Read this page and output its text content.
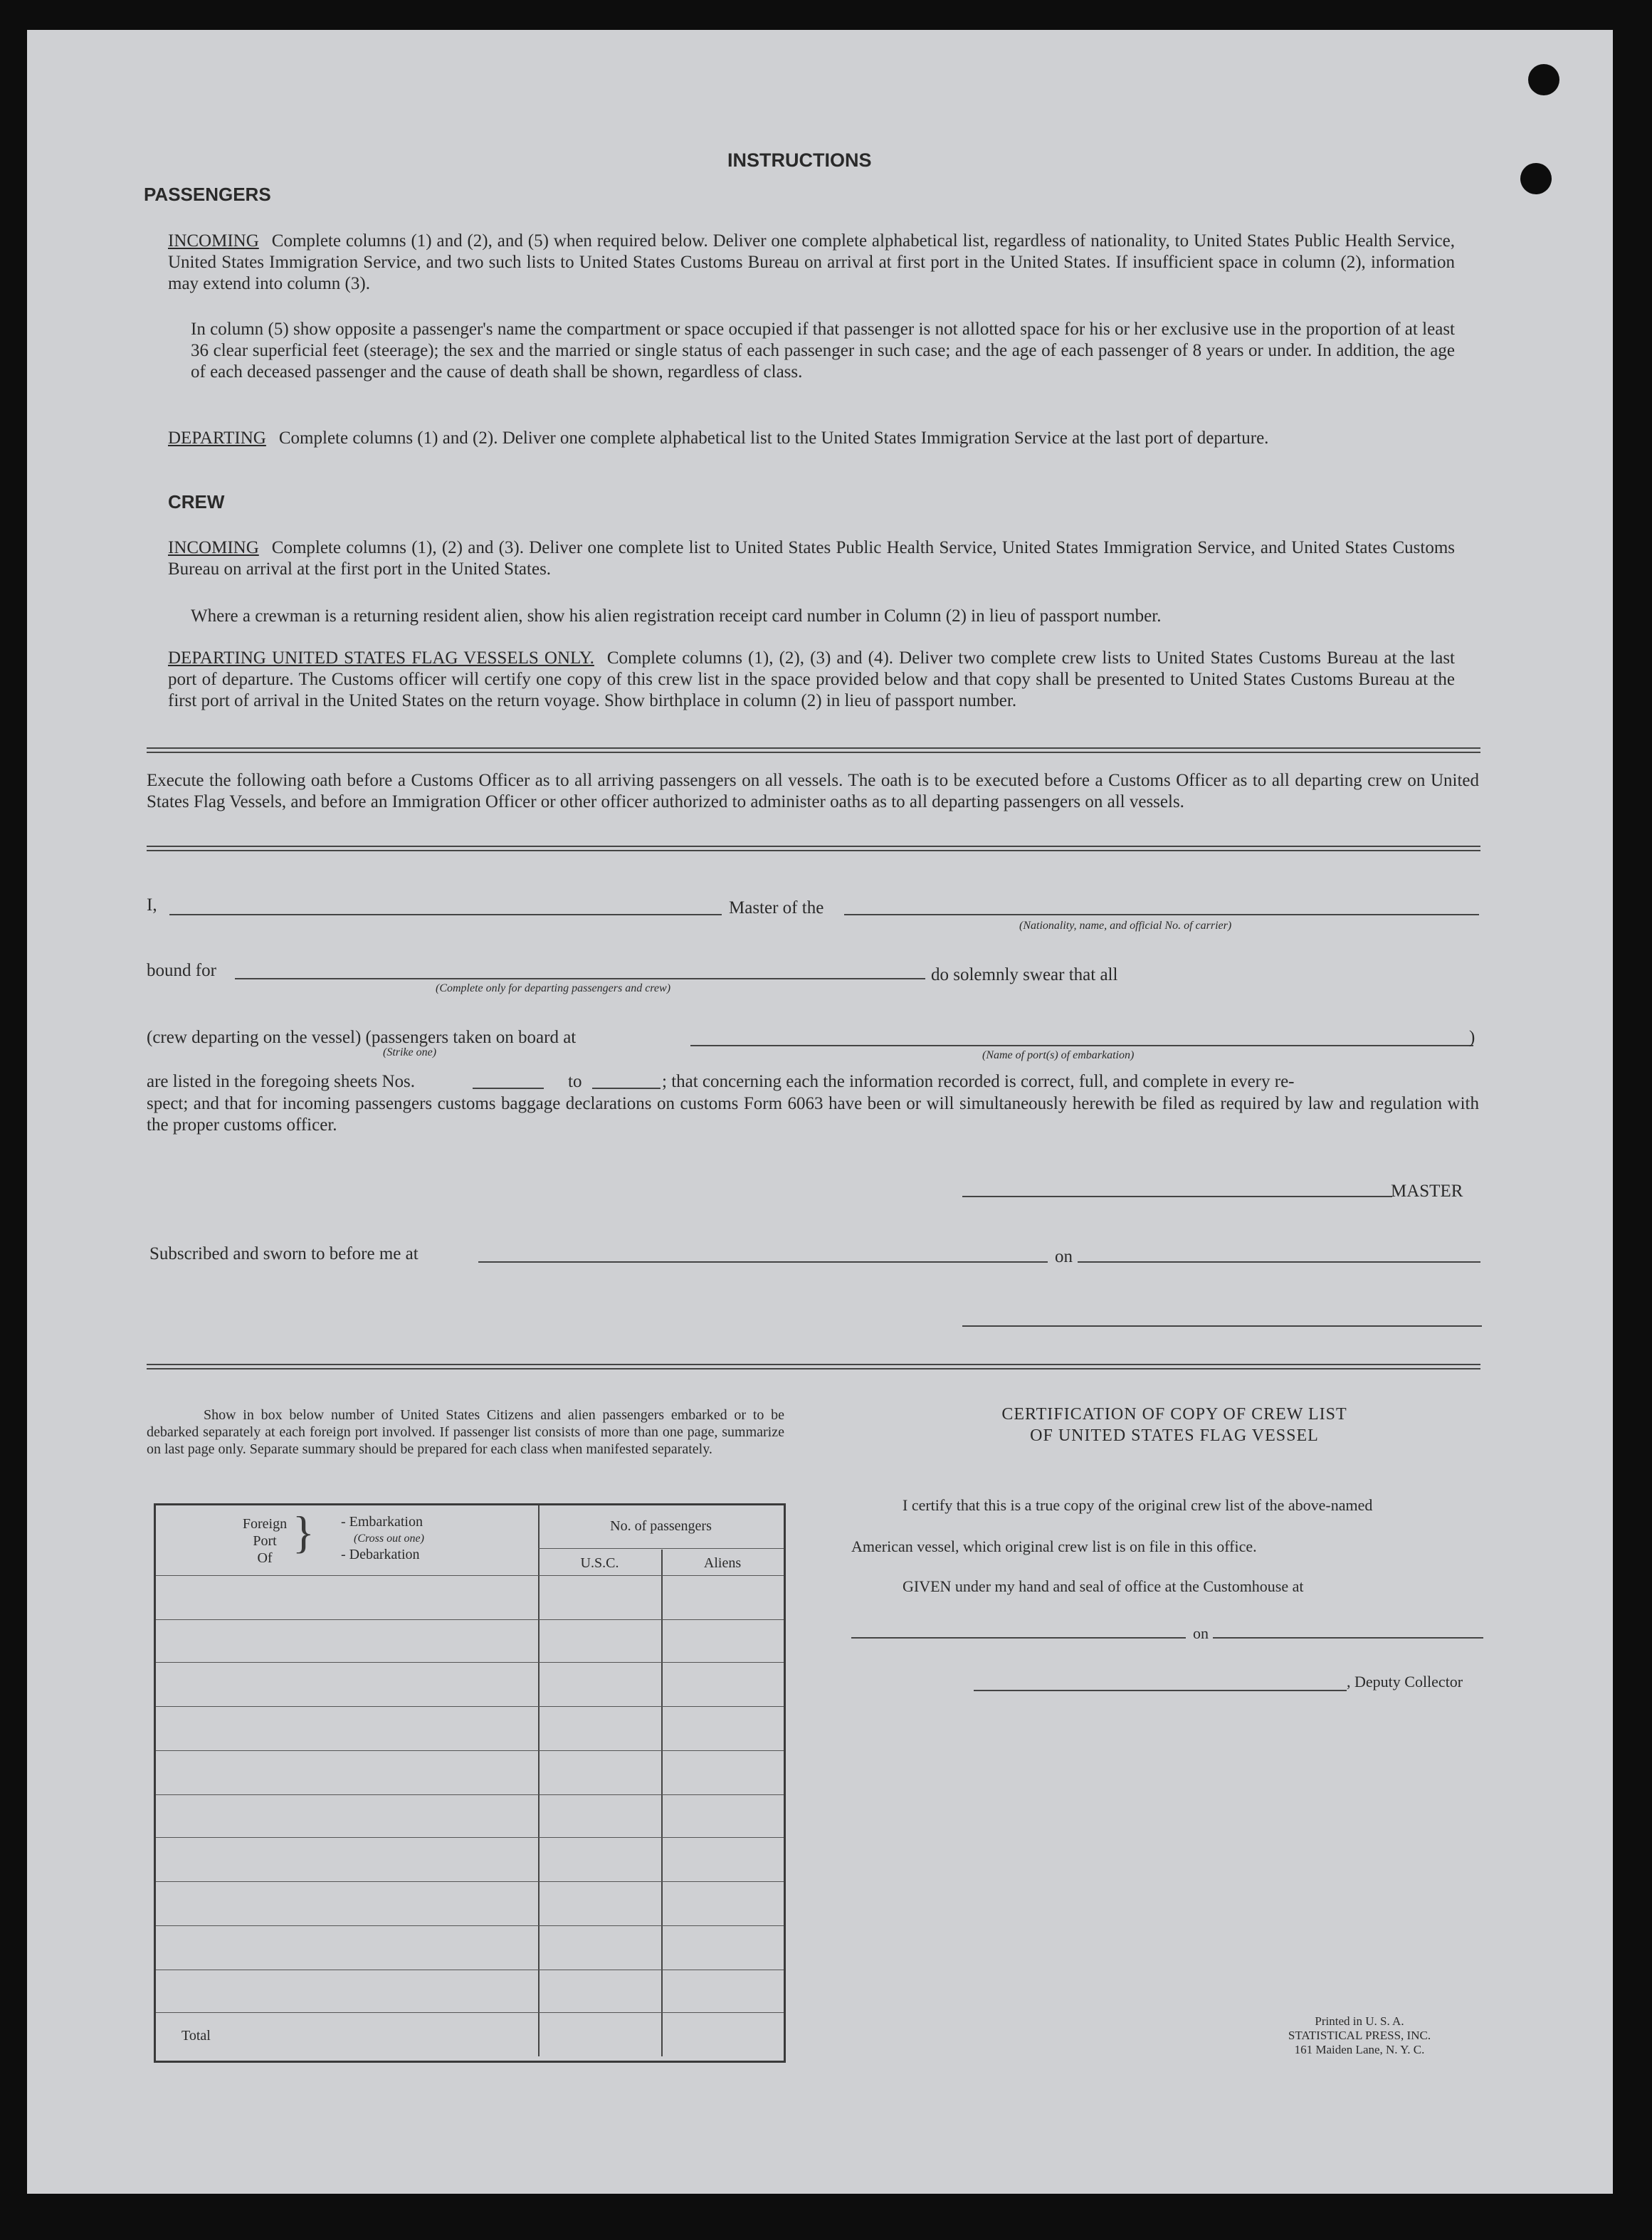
INSTRUCTIONS
PASSENGERS
INCOMING Complete columns (1) and (2), and (5) when required below. Deliver one complete alphabetical list, regardless of nationality, to United States Public Health Service, United States Immigration Service, and two such lists to United States Customs Bureau on arrival at first port in the United States. If insufficient space in column (2), information may extend into column (3).
In column (5) show opposite a passenger's name the compartment or space occupied if that passenger is not allotted space for his or her exclusive use in the proportion of at least 36 clear superficial feet (steerage); the sex and the married or single status of each passenger in such case; and the age of each passenger of 8 years or under. In addition, the age of each deceased passenger and the cause of death shall be shown, regardless of class.
DEPARTING Complete columns (1) and (2). Deliver one complete alphabetical list to the United States Immigration Service at the last port of departure.
CREW
INCOMING Complete columns (1), (2) and (3). Deliver one complete list to United States Public Health Service, United States Immigration Service, and United States Customs Bureau on arrival at the first port in the United States.
Where a crewman is a returning resident alien, show his alien registration receipt card number in Column (2) in lieu of passport number.
DEPARTING UNITED STATES FLAG VESSELS ONLY. Complete columns (1), (2), (3) and (4). Deliver two complete crew lists to United States Customs Bureau at the last port of departure. The Customs officer will certify one copy of this crew list in the space provided below and that copy shall be presented to United States Customs Bureau at the first port of arrival in the United States on the return voyage. Show birthplace in column (2) in lieu of passport number.
Execute the following oath before a Customs Officer as to all arriving passengers on all vessels. The oath is to be executed before a Customs Officer as to all departing crew on United States Flag Vessels, and before an Immigration Officer or other officer authorized to administer oaths as to all departing passengers on all vessels.
I,	Master of the
(Nationality, name, and official No. of carrier)
bound for
(Complete only for departing passengers and crew)
do solemnly swear that all
(crew departing on the vessel) (passengers taken on board at
(Strike one)	(Name of port(s) of embarkation)
)
are listed in the foregoing sheets Nos.	to	; that concerning each the information recorded is correct, full, and complete in every re-
spect; and that for incoming passengers customs baggage declarations on customs Form 6063 have been or will simultaneously herewith be filed as required by law and regulation with the proper customs officer.
MASTER
Subscribed and sworn to before me at	on
Show in box below number of United States Citizens and alien passengers embarked or to be debarked separately at each foreign port involved. If passenger list consists of more than one page, summarize on last page only. Separate summary should be prepared for each class when manifested separately.
Foreign
Port
Of
} - Embarkation
(Cross out one)
- Debarkation
No. of passengers
U.S.C.	Aliens
Total
CERTIFICATION OF COPY OF CREW LIST
OF UNITED STATES FLAG VESSEL
I certify that this is a true copy of the original crew list of the above-named
American vessel, which original crew list is on file in this office.
GIVEN under my hand and seal of office at the Customhouse at
on
, Deputy Collector
Printed in U. S. A.
STATISTICAL PRESS, INC.
161 Maiden Lane, N. Y. C.
